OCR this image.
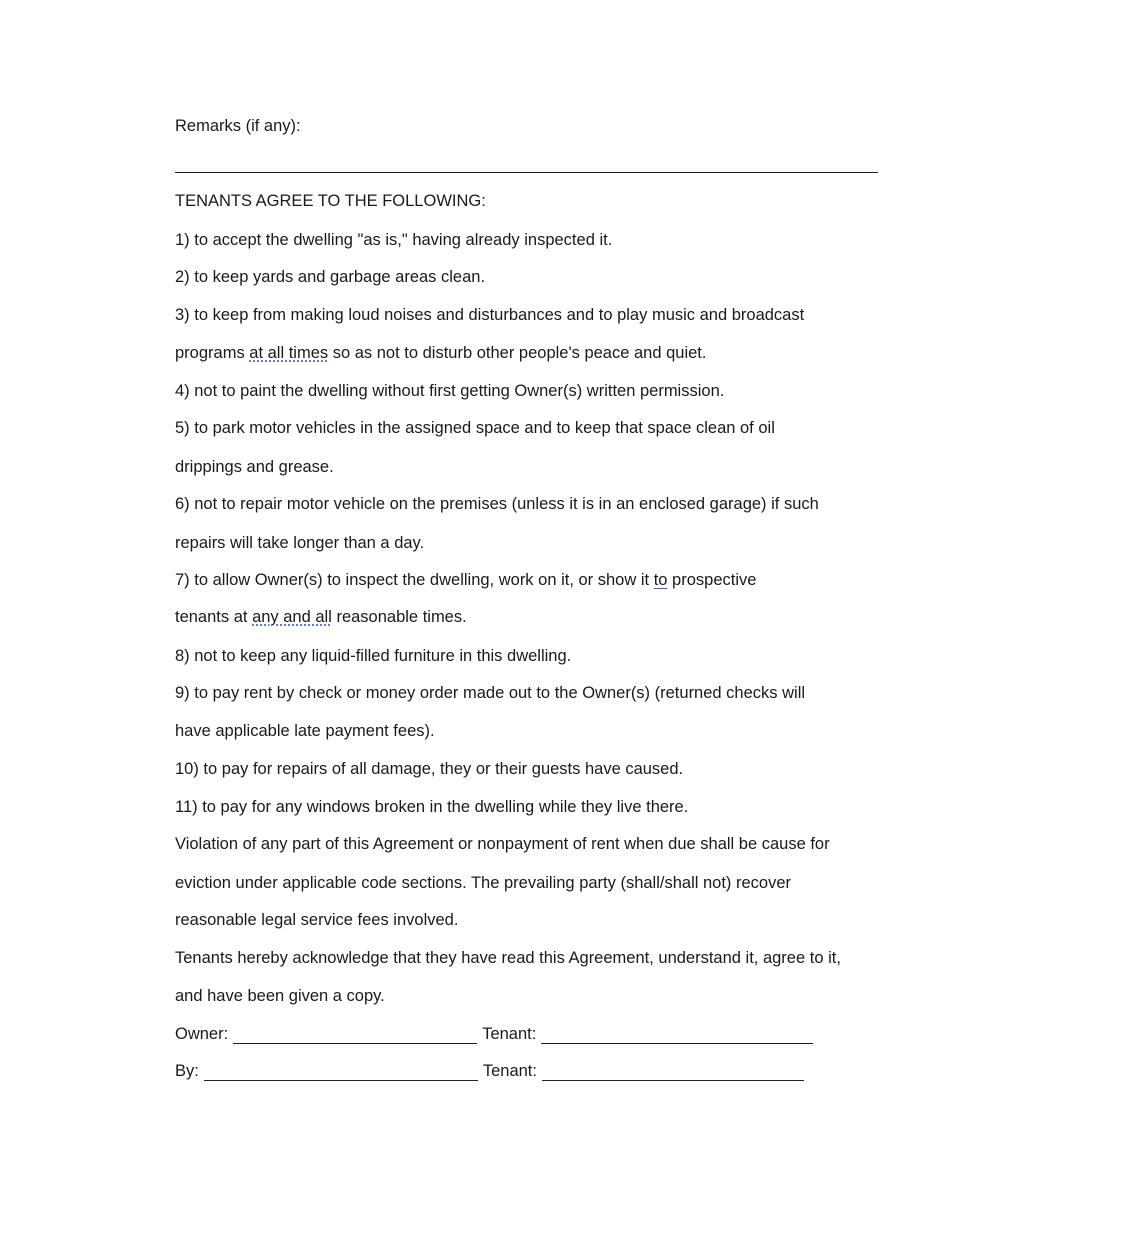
Remarks (if any):
TENANTS AGREE TO THE FOLLOWING:
1) to accept the dwelling "as is," having already inspected it.
2) to keep yards and garbage areas clean.
3) to keep from making loud noises and disturbances and to play music and broadcast
programs at all times so as not to disturb other people's peace and quiet.
4) not to paint the dwelling without first getting Owner(s) written permission.
5) to park motor vehicles in the assigned space and to keep that space clean of oil
drippings and grease.
6) not to repair motor vehicle on the premises (unless it is in an enclosed garage) if such
repairs will take longer than a day.
7) to allow Owner(s) to inspect the dwelling, work on it, or show it to prospective
tenants at any and all reasonable times.
8) not to keep any liquid-filled furniture in this dwelling.
9) to pay rent by check or money order made out to the Owner(s) (returned checks will
have applicable late payment fees).
10) to pay for repairs of all damage, they or their guests have caused.
11) to pay for any windows broken in the dwelling while they live there.
Violation of any part of this Agreement or nonpayment of rent when due shall be cause for
eviction under applicable code sections. The prevailing party (shall/shall not) recover
reasonable legal service fees involved.
Tenants hereby acknowledge that they have read this Agreement, understand it, agree to it,
and have been given a copy.
Owner:	Tenant:
By:	Tenant:
